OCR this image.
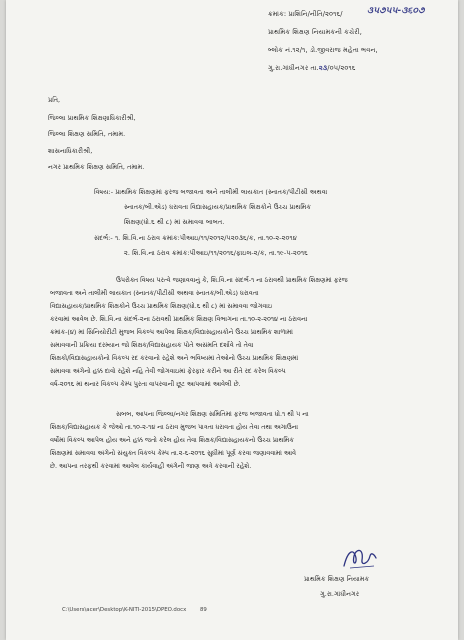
ક્રમાંક: પ્રાશિનિ/નીતિ/૨૦૧૬/	૩૫૭૫૫-૩૬૦૭
પ્રાથમિક શિક્ષણ નિયામકની કચેરી,
બ્લોક નં.૧૨/૧, ડો.જીવરાજ મહેતા ભવન,
ગુ.રા.ગાંધીનગર તા.૨૩/૦૫/૨૦૧૬
પ્રતિ,
જિલ્લા પ્રાથમિક શિક્ષણાધિકારીશ્રી,
જિલ્લા શિક્ષણ સમિતિ, તમામ.
શાસનાધિકારીશ્રી,
નગર પ્રાથમિક શિક્ષણ સમિતિ, તમામ.
વિષય:- પ્રાથમિક શિક્ષણમાં ફરજ બજાવતા અને તાલીમી લાયકાત (સ્નાતક/પીટીસી અથવા
સ્નાતક/બી.એડ) ધરાવતા વિદ્યાસહાયક/પ્રાથમિક શિક્ષકોને ઉચ્ચ પ્રાથમિક
શિક્ષણ(ધો.૬ થી ૮) માં સમાવવા બાબત.
સંદર્ભ:- ૧. શિ.વિ.ના ઠરાવ ક્રમાંક:પીઆઇ/૧૧/૨૦૧૨/૫૨૦૩૬/ક, તા.૧૦-૨-૨૦૧૪
૨. શિ.વિ.ના ઠરાવ ક્રમાંક:પીઆઇ/૧૧/૨૦૧૬/ફાઇલ-૨/ક, તા.૧૯-૫-૨૦૧૬
ઉપરોક્ત વિષય પરત્વે જણાવવાનું કે, શિ.વિ.ના સંદર્ભ-૧ ના ઠરાવથી પ્રાથમિક શિક્ષણમાં ફરજ
બજાવતા અને તાલીમી લાયકાત (સ્નાતક/પીટીસી અથવા સ્નાતક/બી.એડ) ધરાવતા
વિદ્યાસહાયક/પ્રાથમિક શિક્ષકોને ઉચ્ચ પ્રાથમિક શિક્ષણ(ધો.૬ થી ૮) માં સમાવવા જોગવાઇ
કરવામાં આવેલ છે. શિ.વિ.ના સંદર્ભ-૨ના ઠરાવથી પ્રાથમિક શિક્ષણ વિભાગના તા.૧૦-૨-૨૦૧૪ ના ઠરાવના
ક્રમાંક-(૪) માં સિનિયોરીટી મુજબ વિકલ્પ આપેલા શિક્ષક/વિદ્યાસહાયકોને ઉચ્ચ પ્રાથમિક શાળામાં
સમાવવાની પ્રક્રિયા દરમ્યાન જો શિક્ષક/વિદ્યાસહાયક પોતે અસંમતિ દર્શાવે તો તેવા
શિક્ષકો/વિદ્યાસહાયકોનો વિકલ્પ રદ કરવાનો રહેશે અને ભવિષ્યમાં તેઓનો ઉચ્ચ પ્રાથમિક શિક્ષણમાં
સમાવવા અંગેનો હક્ક દાવો રહેશે નહિ તેવી જોગવાઇમાં ફેરફાર કરીને આ રીતે રદ કરેલ વિકલ્પ
વર્ષ-૨૦૧૬ માં થનાર વિકલ્પ કેમ્પ પુરતા વાપરવાની છૂટ આપવામાં આવેલી છે.
સબબ, આપના જિલ્લા/નગર શિક્ષણ સમિતિમાં ફરજ બજાવતા ધો.૧ થી ૫ ના
શિક્ષક/વિદ્યાસહાયક કે જેઓ તા.૧૦-૨-૧૪ ના ઠરાવ મુજબ પાત્રતા ધરાવતા હોય તેવા તથા અગાઉના
વર્ષોમાં વિકલ્પ આપેલ હોય અને હક્ક જતો કરેલ હોય તેવા શિક્ષક/વિદ્યાસહાયકનો ઉચ્ચ પ્રાથમિક
શિક્ષણમાં સમાવવા અંગેનો સંયુક્ત વિકલ્પ કેમ્પ તા.૨-૬-૨૦૧૬ સુધીમાં પૂર્ણ કરવા જણાવવામાં આવે
છે. આપના તરફથી કરવામાં આવેલ કાર્યવાહી અંગેની જાણ અત્રે કરવાની રહેશે.
પ્રાથમિક શિક્ષણ નિયામક
ગુ.રા.ગાંધીનગર
C:\Users\acer\Desktop\K-NITI-2015\DPEO.docx	89
